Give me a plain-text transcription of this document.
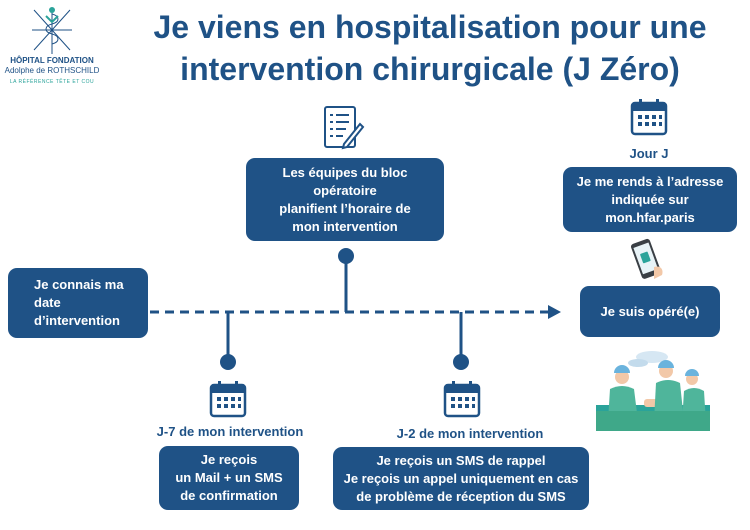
HÔPITAL FONDATION
Adolphe de ROTHSCHILD
LA RÉFÉRENCE TÊTE ET COU
Je viens en hospitalisation pour une
intervention chirurgicale (J Zéro)
Je connais ma
date
d’intervention
Les équipes du bloc
opératoire
planifient l’horaire de
mon intervention
J-7 de mon intervention
Je reçois
un Mail + un SMS
de confirmation
J-2 de mon intervention
Je reçois un SMS de rappel
Je reçois un appel uniquement en cas
de problème de réception du SMS
Jour J
Je me rends à l’adresse
indiquée sur
mon.hfar.paris
Je suis opéré(e)
